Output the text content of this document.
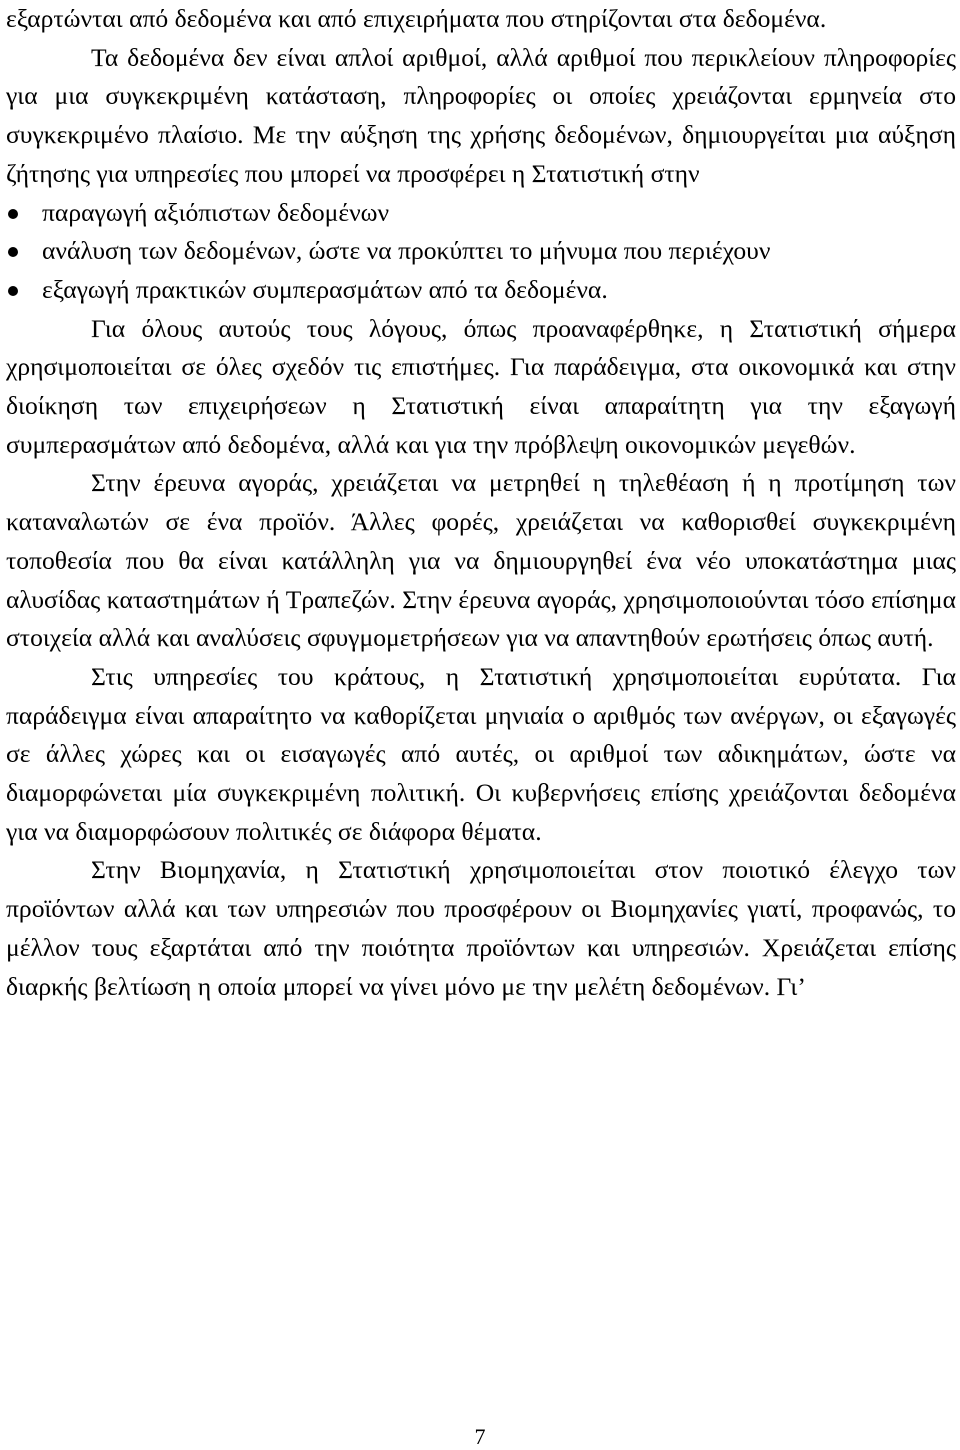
εξαρτώνται από δεδομένα και από επιχειρήματα που στηρίζονται στα δεδομένα.

Τα δεδομένα δεν είναι απλοί αριθμοί, αλλά αριθμοί που περικλείουν πληροφορίες για μια συγκεκριμένη κατάσταση, πληροφορίες οι οποίες χρειάζονται ερμηνεία στο συγκεκριμένο πλαίσιο. Με την αύξηση της χρήσης δεδομένων, δημιουργείται μια αύξηση ζήτησης για υπηρεσίες που μπορεί να προσφέρει η Στατιστική στην

παραγωγή αξιόπιστων δεδομένων
ανάλυση των δεδομένων, ώστε να προκύπτει το μήνυμα που περιέχουν
εξαγωγή πρακτικών συμπερασμάτων από τα δεδομένα.

Για όλους αυτούς τους λόγους, όπως προαναφέρθηκε, η Στατιστική σήμερα χρησιμοποιείται σε όλες σχεδόν τις επιστήμες. Για παράδειγμα, στα οικονομικά και στην διοίκηση των επιχειρήσεων η Στατιστική είναι απαραίτητη για την εξαγωγή συμπερασμάτων από δεδομένα, αλλά και για την πρόβλεψη οικονομικών μεγεθών.

Στην έρευνα αγοράς, χρειάζεται να μετρηθεί η τηλεθέαση ή η προτίμηση των καταναλωτών σε ένα προϊόν. Άλλες φορές, χρειάζεται να καθορισθεί συγκεκριμένη τοποθεσία που θα είναι κατάλληλη για να δημιουργηθεί ένα νέο υποκατάστημα μιας αλυσίδας καταστημάτων ή Τραπεζών. Στην έρευνα αγοράς, χρησιμοποιούνται τόσο επίσημα στοιχεία αλλά και αναλύσεις σφυγμομετρήσεων για να απαντηθούν ερωτήσεις όπως αυτή.

Στις υπηρεσίες του κράτους, η Στατιστική χρησιμοποιείται ευρύτατα. Για παράδειγμα είναι απαραίτητο να καθορίζεται μηνιαία ο αριθμός των ανέργων, οι εξαγωγές σε άλλες χώρες και οι εισαγωγές από αυτές, οι αριθμοί των αδικημάτων, ώστε να διαμορφώνεται μία συγκεκριμένη πολιτική. Οι κυβερνήσεις επίσης χρειάζονται δεδομένα για να διαμορφώσουν πολιτικές σε διάφορα θέματα.

Στην Βιομηχανία, η Στατιστική χρησιμοποιείται στον ποιοτικό έλεγχο των προϊόντων αλλά και των υπηρεσιών που προσφέρουν οι Βιομηχανίες γιατί, προφανώς, το μέλλον τους εξαρτάται από την ποιότητα προϊόντων και υπηρεσιών. Χρειάζεται επίσης διαρκής βελτίωση η οποία μπορεί να γίνει μόνο με την μελέτη δεδομένων. Γι’

7
